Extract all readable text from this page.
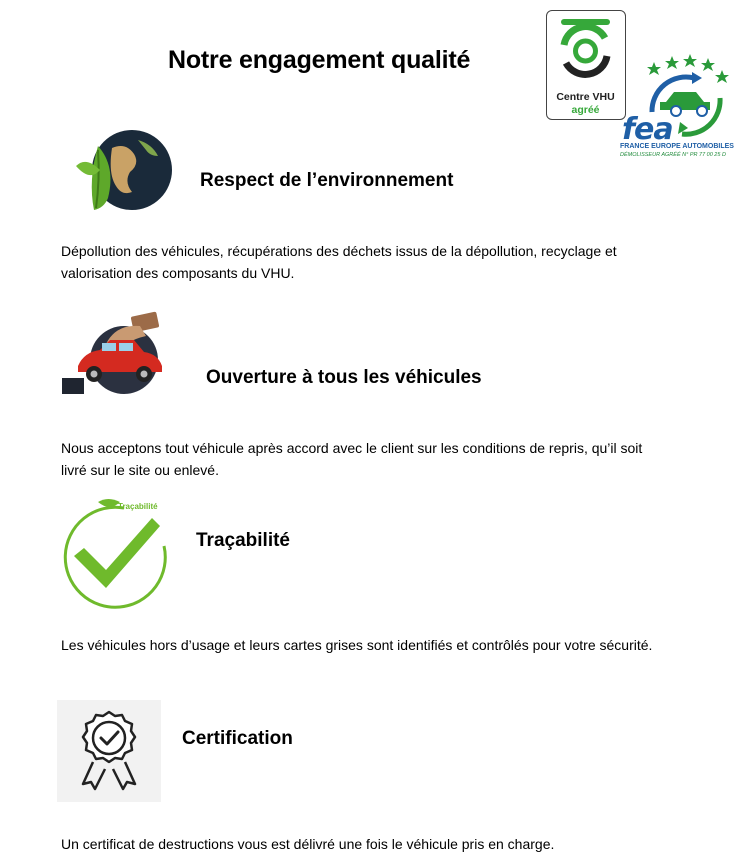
Notre engagement qualité
Centre VHU
agréé
fea
FRANCE EUROPE AUTOMOBILES
DÉMOLISSEUR AGRÉÉ N° PR 77 00 25 D
Respect de l’environnement
Dépollution des véhicules, récupérations des déchets issus de la dépollution, recyclage et valorisation des composants du VHU.
Ouverture à tous les véhicules
Nous acceptons tout véhicule après accord avec le client sur les conditions de repris, qu’il soit livré sur le site ou enlevé.
Traçabilité
Traçabilité
Les véhicules hors d’usage et leurs cartes grises sont identifiés et contrôlés pour votre sécurité.
Certification
Un certificat de destructions vous est délivré une fois le véhicule pris en charge.
